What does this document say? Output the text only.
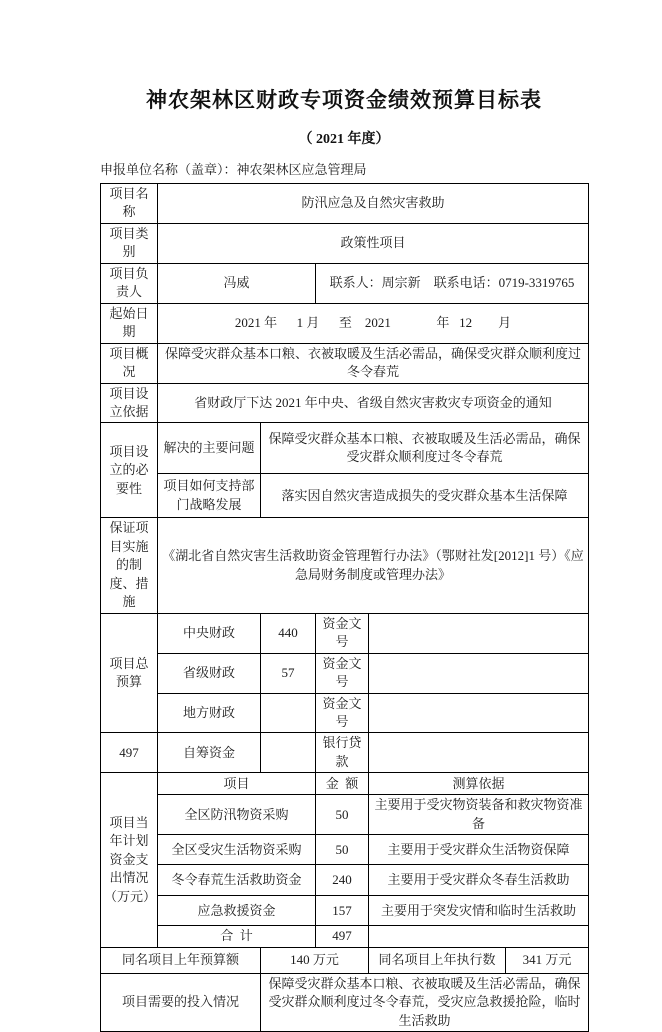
神农架林区财政专项资金绩效预算目标表
（ 2021 年度）
申报单位名称（盖章）：神农架林区应急管理局
项目名称	防汛应急及自然灾害救助				
项目类别	政策性项目				
项目负责人	冯威		联系人：周宗新    联系电话：0719-3319765		
起始日期	2021 年      1 月      至    2021              年   12        月				
项目概况	保障受灾群众基本口粮、衣被取暖及生活必需品，确保受灾群众顺利度过冬令春荒				
项目设立依据	省财政厅下达 2021 年中央、省级自然灾害救灾专项资金的通知				
项目设立的必要性	解决的主要问题	保障受灾群众基本口粮、衣被取暖及生活必需品，确保受灾群众顺利度过冬令春荒			
	项目如何支持部门战略发展	落实因自然灾害造成损失的受灾群众基本生活保障			
保证项目实施的制度、措施	《湖北省自然灾害生活救助资金管理暂行办法》（鄂财社发[2012]1 号）《应急局财务制度或管理办法》				
项目总预算	中央财政	440	资金文号		
	省级财政	57	资金文号		
	地方财政		资金文号		
497	自筹资金		银行贷款		
项目当年计划资金支出情况（万元）	项目		金  额	测算依据	
	全区防汛物资采购		50	主要用于受灾物资装备和救灾物资准备	
	全区受灾生活物资采购		50	主要用于受灾群众生活物资保障	
	冬令春荒生活救助资金		240	主要用于受灾群众冬春生活救助	
	应急救援资金		157	主要用于突发灾情和临时生活救助	
	合  计		497		
同名项目上年预算额		140 万元		同名项目上年执行数	341 万元
项目需要的投入情况		保障受灾群众基本口粮、衣被取暖及生活必需品，确保受灾群众顺利度过冬令春荒，受灾应急救援抢险，临时生活救助			
